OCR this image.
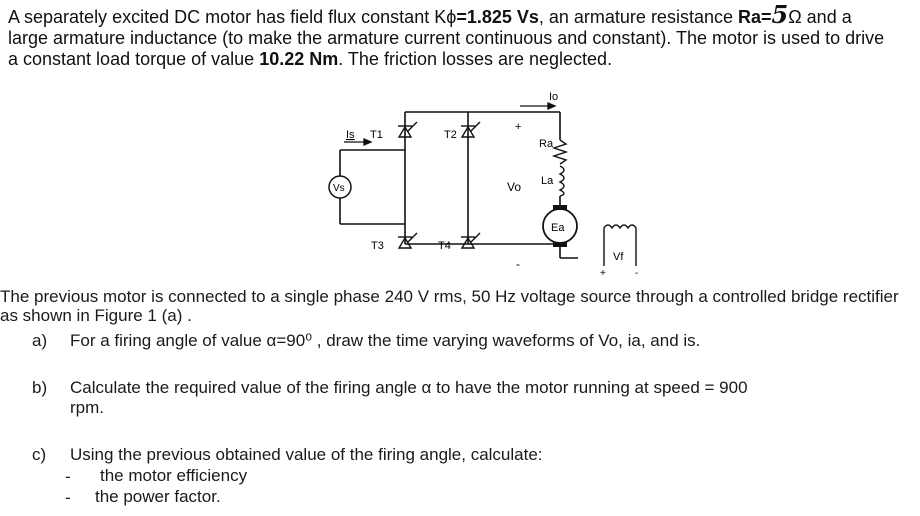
A separately excited DC motor has field flux constant Kϕ=1.825 Vs, an armature resistance Ra=5Ω and a large armature inductance (to make the armature current continuous and constant). The motor is used to drive a constant load torque of value 10.22 Nm. The friction losses are neglected.

Io
Is T1	T2
T3	T4
Vs	Vo
+
-
Ra
La
Ea
Vf
+	-

The previous motor is connected to a single phase 240 V rms, 50 Hz voltage source through a controlled bridge rectifier as shown in Figure 1 (a) .

a) For a firing angle of value α=90⁰ , draw the time varying waveforms of Vo, ia, and is.

b) Calculate the required value of the firing angle α to have the motor running at speed = 900

rpm.

c) Using the previous obtained value of the firing angle, calculate:

- the motor efficiency

- the power factor.
